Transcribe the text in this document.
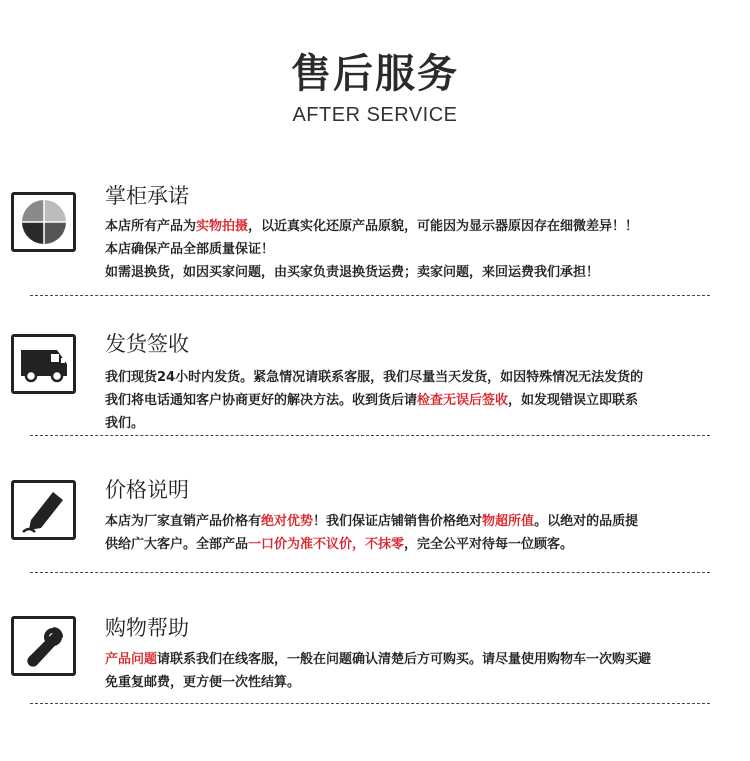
售后服务
AFTER SERVICE
掌柜承诺
本店所有产品为实物拍摄，以近真实化还原产品原貌，可能因为显示器原因存在细微差异！！
本店确保产品全部质量保证！
如需退换货，如因买家问题，由买家负责退换货运费；卖家问题，来回运费我们承担！
发货签收
我们现货24小时内发货。紧急情况请联系客服，我们尽量当天发货，如因特殊情况无法发货的
我们将电话通知客户协商更好的解决方法。收到货后请检查无误后签收，如发现错误立即联系
我们。
价格说明
本店为厂家直销产品价格有绝对优势！我们保证店铺销售价格绝对物超所值。以绝对的品质提
供给广大客户。全部产品一口价为准不议价，不抹零，完全公平对待每一位顾客。
购物帮助
产品问题请联系我们在线客服，一般在问题确认清楚后方可购买。请尽量使用购物车一次购买避
免重复邮费，更方便一次性结算。
